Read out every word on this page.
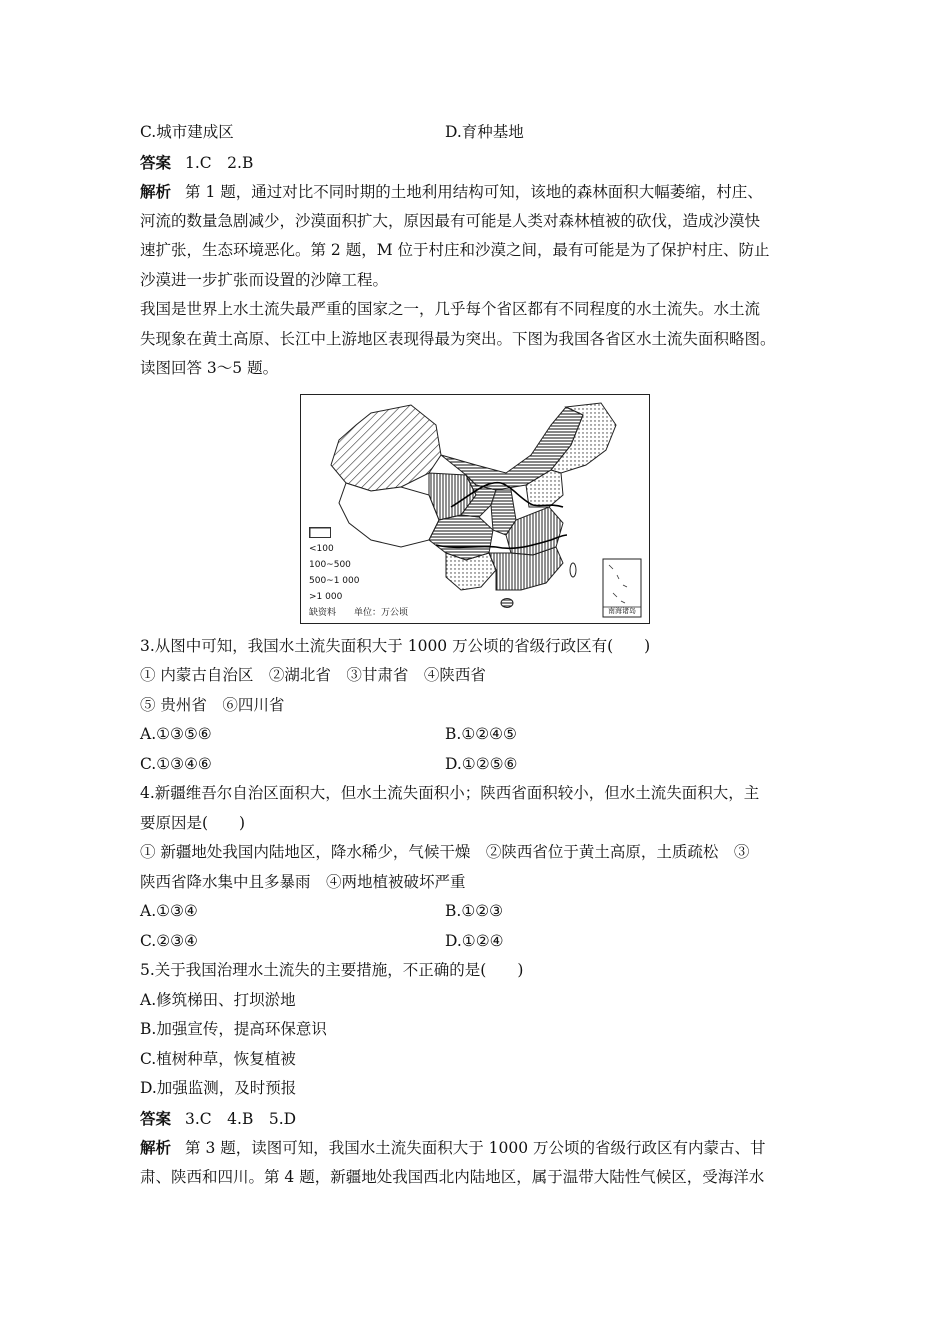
C.城市建成区	D.育种基地
答案 1.C　2.B
解析 第 1 题，通过对比不同时期的土地利用结构可知，该地的森林面积大幅萎缩，村庄、
河流的数量急剧减少，沙漠面积扩大，原因最有可能是人类对森林植被的砍伐，造成沙漠快
速扩张，生态环境恶化。第 2 题，M 位于村庄和沙漠之间，最有可能是为了保护村庄、防止
沙漠进一步扩张而设置的沙障工程。
我国是世界上水土流失最严重的国家之一，几乎每个省区都有不同程度的水土流失。水土流
失现象在黄土高原、长江中上游地区表现得最为突出。下图为我国各省区水土流失面积略图。
读图回答 3～5 题。
<100
100~500
500~1 000
>1 000
缺资料 单位：万公顷	南海诸岛
3.从图中可知，我国水土流失面积大于 1000 万公顷的省级行政区有(　　)
① 内蒙古自治区　②湖北省　③甘肃省　④陕西省
⑤ 贵州省　⑥四川省
A.①③⑤⑥	B.①②④⑤
C.①③④⑥	D.①②⑤⑥
4.新疆维吾尔自治区面积大，但水土流失面积小；陕西省面积较小，但水土流失面积大，主
要原因是(　　)
① 新疆地处我国内陆地区，降水稀少，气候干燥　②陕西省位于黄土高原，土质疏松　③
陕西省降水集中且多暴雨　④两地植被破坏严重
A.①③④	B.①②③
C.②③④	D.①②④
5.关于我国治理水土流失的主要措施，不正确的是(　　)
A.修筑梯田、打坝淤地
B.加强宣传，提高环保意识
C.植树种草，恢复植被
D.加强监测，及时预报
答案 3.C　4.B　5.D
解析 第 3 题，读图可知，我国水土流失面积大于 1000 万公顷的省级行政区有内蒙古、甘
肃、陕西和四川。第 4 题，新疆地处我国西北内陆地区，属于温带大陆性气候区，受海洋水
